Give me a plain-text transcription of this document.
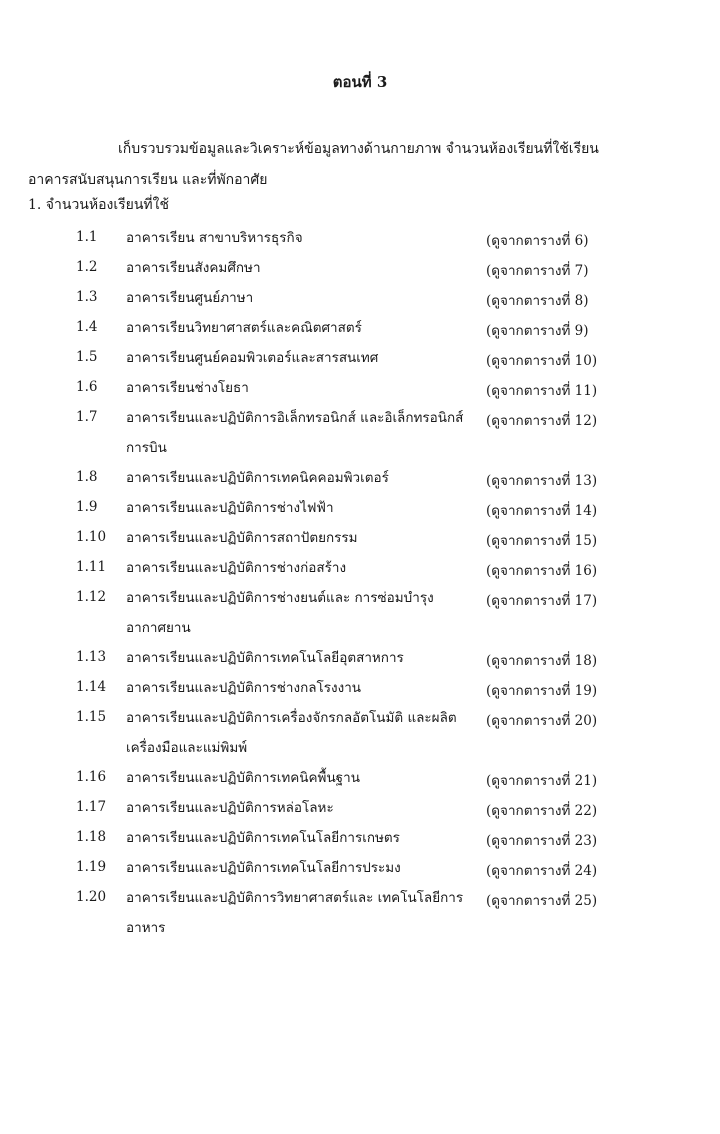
ตอนที่ 3
เก็บรวบรวมข้อมูลและวิเคราะห์ข้อมูลทางด้านกายภาพ จำนวนห้องเรียนที่ใช้เรียน
อาคารสนับสนุนการเรียน และที่พักอาศัย
1. จำนวนห้องเรียนที่ใช้
1.1 อาคารเรียน สาขาบริหารธุรกิจ	(ดูจากตารางที่ 6)
1.2 อาคารเรียนสังคมศึกษา	(ดูจากตารางที่ 7)
1.3 อาคารเรียนศูนย์ภาษา	(ดูจากตารางที่ 8)
1.4 อาคารเรียนวิทยาศาสตร์และคณิตศาสตร์	(ดูจากตารางที่ 9)
1.5 อาคารเรียนศูนย์คอมพิวเตอร์และสารสนเทศ	(ดูจากตารางที่ 10)
1.6 อาคารเรียนช่างโยธา	(ดูจากตารางที่ 11)
1.7 อาคารเรียนและปฏิบัติการอิเล็กทรอนิกส์ และอิเล็กทรอนิกส์การบิน
(ดูจากตารางที่ 12)
1.8 อาคารเรียนและปฏิบัติการเทคนิคคอมพิวเตอร์	(ดูจากตารางที่ 13)
1.9 อาคารเรียนและปฏิบัติการช่างไฟฟ้า	(ดูจากตารางที่ 14)
1.10 อาคารเรียนและปฏิบัติการสถาปัตยกรรม	(ดูจากตารางที่ 15)
1.11 อาคารเรียนและปฏิบัติการช่างก่อสร้าง	(ดูจากตารางที่ 16)
1.12 อาคารเรียนและปฏิบัติการช่างยนต์และ การซ่อมบำรุงอากาศยาน
(ดูจากตารางที่ 17)
1.13 อาคารเรียนและปฏิบัติการเทคโนโลยีอุตสาหการ	(ดูจากตารางที่ 18)
1.14 อาคารเรียนและปฏิบัติการช่างกลโรงงาน	(ดูจากตารางที่ 19)
1.15 อาคารเรียนและปฏิบัติการเครื่องจักรกลอัตโนมัติ และผลิตเครื่องมือและแม่พิมพ์
(ดูจากตารางที่ 20)
1.16 อาคารเรียนและปฏิบัติการเทคนิคพื้นฐาน	(ดูจากตารางที่ 21)
1.17 อาคารเรียนและปฏิบัติการหล่อโลหะ	(ดูจากตารางที่ 22)
1.18 อาคารเรียนและปฏิบัติการเทคโนโลยีการเกษตร	(ดูจากตารางที่ 23)
1.19 อาคารเรียนและปฏิบัติการเทคโนโลยีการประมง	(ดูจากตารางที่ 24)
1.20 อาคารเรียนและปฏิบัติการวิทยาศาสตร์และ เทคโนโลยีการอาหาร
(ดูจากตารางที่ 25)
